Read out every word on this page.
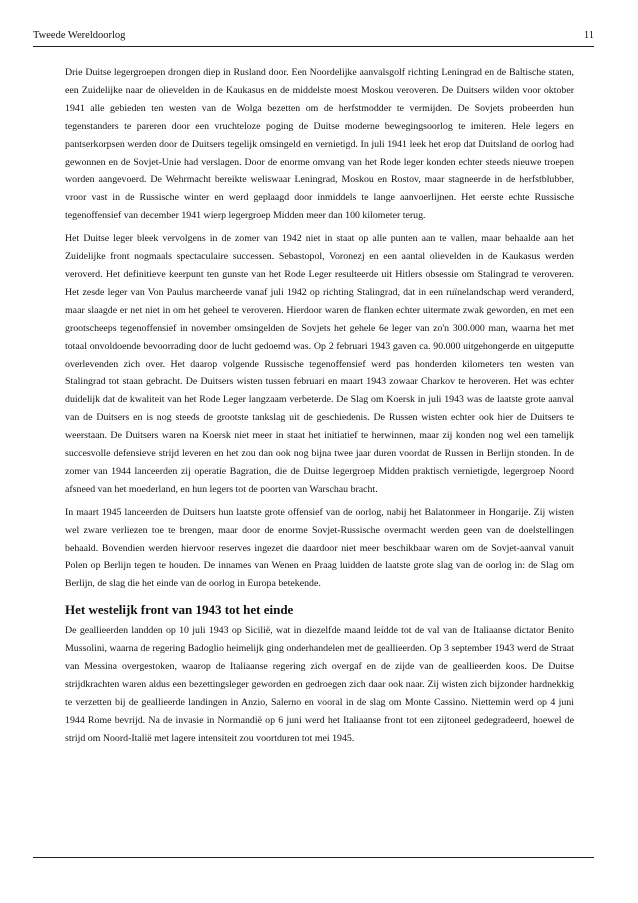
Tweede Wereldoorlog	11

Drie Duitse legergroepen drongen diep in Rusland door. Een Noordelijke aanvalsgolf richting Leningrad en de Baltische staten, een Zuidelijke naar de olievelden in de Kaukasus en de middelste moest Moskou veroveren. De Duitsers wilden voor oktober 1941 alle gebieden ten westen van de Wolga bezetten om de herfstmodder te vermijden. De Sovjets probeerden hun tegenstanders te pareren door een vruchteloze poging de Duitse moderne bewegingsoorlog te imiteren. Hele legers en pantserkorpsen werden door de Duitsers tegelijk omsingeld en vernietigd. In juli 1941 leek het erop dat Duitsland de oorlog had gewonnen en de Sovjet-Unie had verslagen. Door de enorme omvang van het Rode leger konden echter steeds nieuwe troepen worden aangevoerd. De Wehrmacht bereikte weliswaar Leningrad, Moskou en Rostov, maar stagneerde in de herfstblubber, vroor vast in de Russische winter en werd geplaagd door inmiddels te lange aanvoerlijnen. Het eerste echte Russische tegenoffensief van december 1941 wierp legergroep Midden meer dan 100 kilometer terug.

Het Duitse leger bleek vervolgens in de zomer van 1942 niet in staat op alle punten aan te vallen, maar behaalde aan het Zuidelijke front nogmaals spectaculaire successen. Sebastopol, Voronezj en een aantal olievelden in de Kaukasus werden veroverd. Het definitieve keerpunt ten gunste van het Rode Leger resulteerde uit Hitlers obsessie om Stalingrad te veroveren. Het zesde leger van Von Paulus marcheerde vanaf juli 1942 op richting Stalingrad, dat in een ruïnelandschap werd veranderd, maar slaagde er net niet in om het geheel te veroveren. Hierdoor waren de flanken echter uitermate zwak geworden, en met een grootscheeps tegenoffensief in november omsingelden de Sovjets het gehele 6e leger van zo'n 300.000 man, waarna het met totaal onvoldoende bevoorrading door de lucht gedoemd was. Op 2 februari 1943 gaven ca. 90.000 uitgehongerde en uitgeputte overlevenden zich over. Het daarop volgende Russische tegenoffensief werd pas honderden kilometers ten westen van Stalingrad tot staan gebracht. De Duitsers wisten tussen februari en maart 1943 zowaar Charkov te heroveren. Het was echter duidelijk dat de kwaliteit van het Rode Leger langzaam verbeterde. De Slag om Koersk in juli 1943 was de laatste grote aanval van de Duitsers en is nog steeds de grootste tankslag uit de geschiedenis. De Russen wisten echter ook hier de Duitsers te weerstaan. De Duitsers waren na Koersk niet meer in staat het initiatief te herwinnen, maar zij konden nog wel een tamelijk succesvolle defensieve strijd leveren en het zou dan ook nog bijna twee jaar duren voordat de Russen in Berlijn stonden. In de zomer van 1944 lanceerden zij operatie Bagration, die de Duitse legergroep Midden praktisch vernietigde, legergroep Noord afsneed van het moederland, en hun legers tot de poorten van Warschau bracht.

In maart 1945 lanceerden de Duitsers hun laatste grote offensief van de oorlog, nabij het Balatonmeer in Hongarije. Zij wisten wel zware verliezen toe te brengen, maar door de enorme Sovjet-Russische overmacht werden geen van de doelstellingen behaald. Bovendien werden hiervoor reserves ingezet die daardoor niet meer beschikbaar waren om de Sovjet-aanval vanuit Polen op Berlijn tegen te houden. De innames van Wenen en Praag luidden de laatste grote slag van de oorlog in: de Slag om Berlijn, de slag die het einde van de oorlog in Europa betekende.

Het westelijk front van 1943 tot het einde

De geallieerden landden op 10 juli 1943 op Sicilië, wat in diezelfde maand leidde tot de val van de Italiaanse dictator Benito Mussolini, waarna de regering Badoglio heimelijk ging onderhandelen met de geallieerden. Op 3 september 1943 werd de Straat van Messina overgestoken, waarop de Italiaanse regering zich overgaf en de zijde van de geallieerden koos. De Duitse strijdkrachten waren aldus een bezettingsleger geworden en gedroegen zich daar ook naar. Zij wisten zich bijzonder hardnekkig te verzetten bij de geallieerde landingen in Anzio, Salerno en vooral in de slag om Monte Cassino. Niettemin werd op 4 juni 1944 Rome bevrijd. Na de invasie in Normandië op 6 juni werd het Italiaanse front tot een zijtoneel gedegradeerd, hoewel de strijd om Noord-Italië met lagere intensiteit zou voortduren tot mei 1945.
